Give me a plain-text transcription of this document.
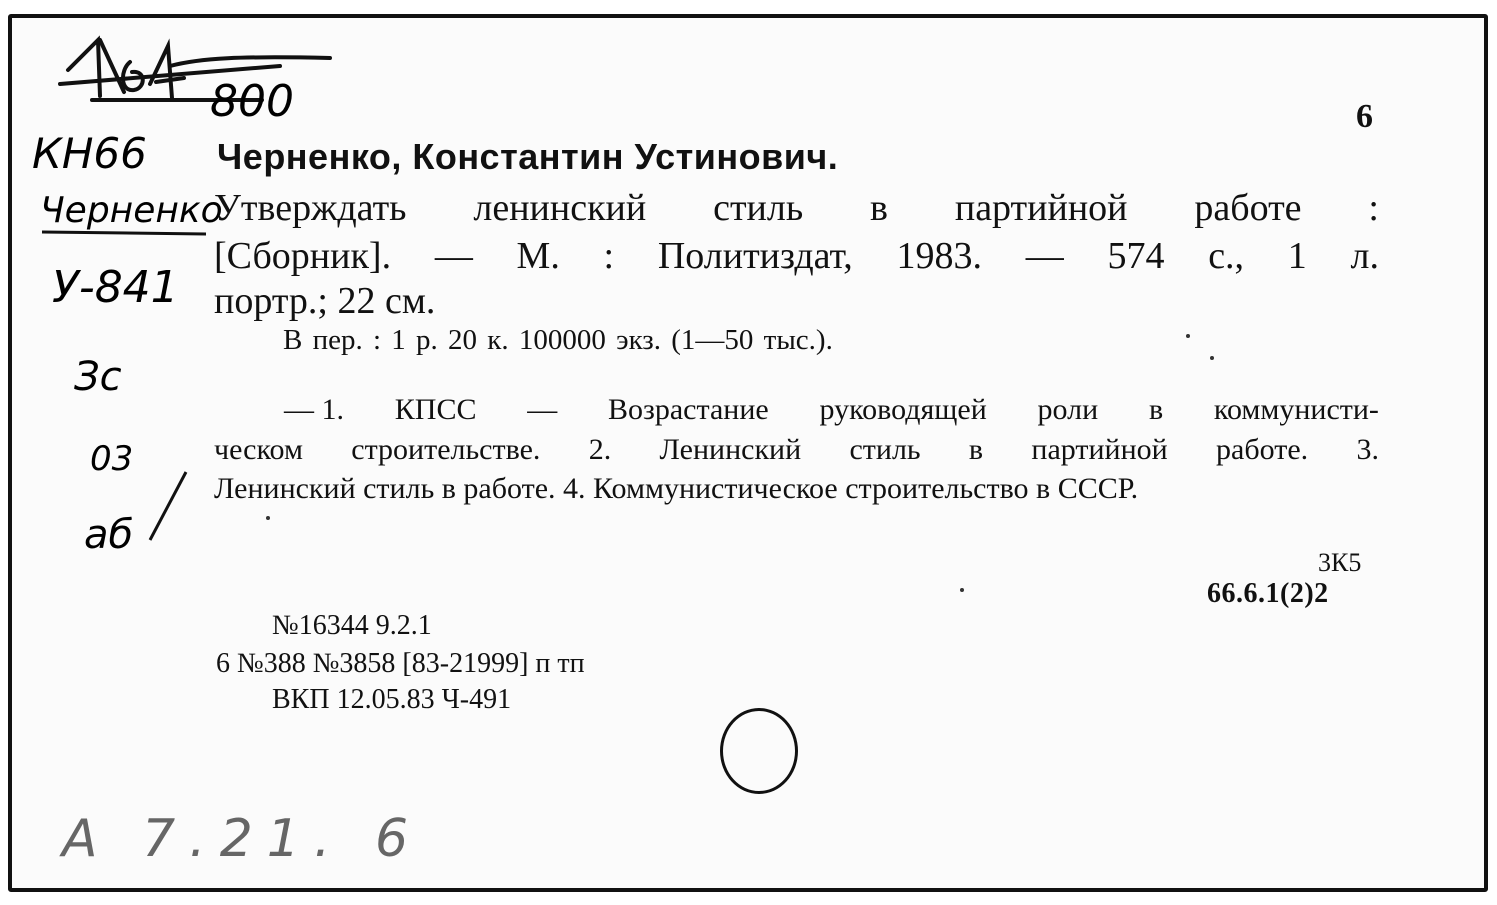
800
КН66
Черненко
У-841
Зс
03
аб
А 7.21. 6

6

Черненко, Константин Устинович.

Утверждать ленинский стиль в партийной работе :
[Сборник]. — М. : Политиздат, 1983. — 574 с., 1 л.

портр.; 22 см.

В пер. : 1 р. 20 к. 100000 экз. (1—50 тыс.).

— 1. КПСС — Возрастание руководящей роли в коммунисти-
ческом строительстве. 2. Ленинский стиль в партийной работе. 3.

Ленинский стиль в работе. 4. Коммунистическое строительство в СССР.

3К5

66.6.1(2)2

№16344 9.2.1

6 №388 №3858 [83-21999] п тп

ВКП 12.05.83 Ч-491
